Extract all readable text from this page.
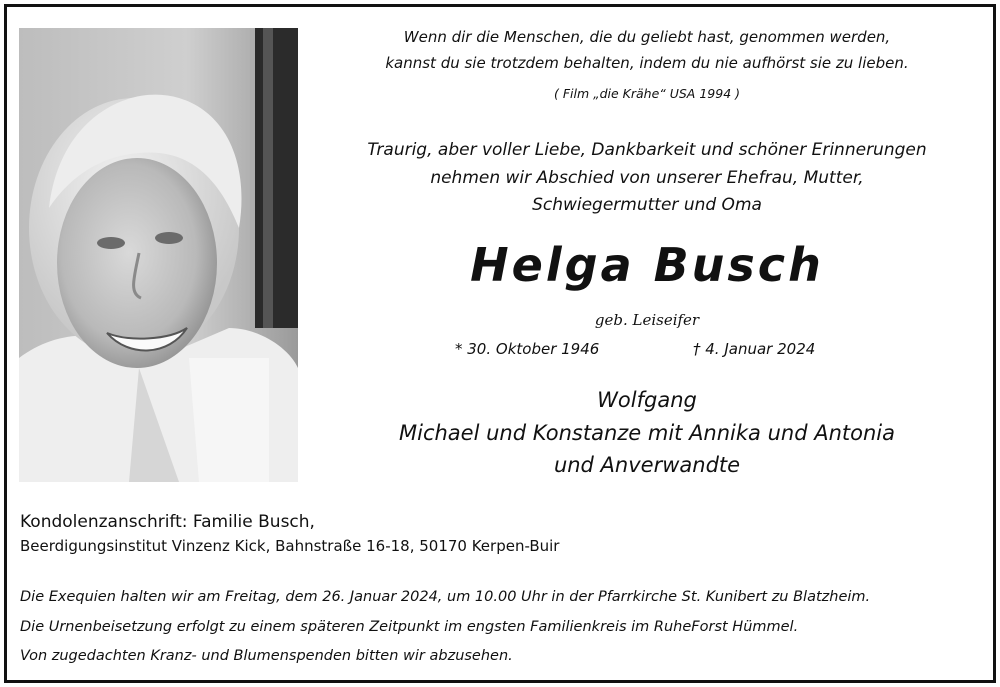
Wenn dir die Menschen, die du geliebt hast, genommen werden,
kannst du sie trotzdem behalten, indem du nie aufhörst sie zu lieben.
( Film „die Krähe“ USA 1994 )
Traurig, aber voller Liebe, Dankbarkeit und schöner Erinnerungen
nehmen wir Abschied von unserer Ehefrau, Mutter,
Schwiegermutter und Oma
Helga Busch
geb. Leiseifer
* 30. Oktober 1946	† 4. Januar 2024
Wolfgang
Michael und Konstanze mit Annika und Antonia
und Anverwandte
Kondolenzanschrift: Familie Busch,
Beerdigungsinstitut Vinzenz Kick, Bahnstraße 16-18, 50170 Kerpen-Buir
Die Exequien halten wir am Freitag, dem 26. Januar 2024, um 10.00 Uhr in der Pfarrkirche St. Kunibert zu Blatzheim.
Die Urnenbeisetzung erfolgt zu einem späteren Zeitpunkt im engsten Familienkreis im RuheForst Hümmel.
Von zugedachten Kranz- und Blumenspenden bitten wir abzusehen.
